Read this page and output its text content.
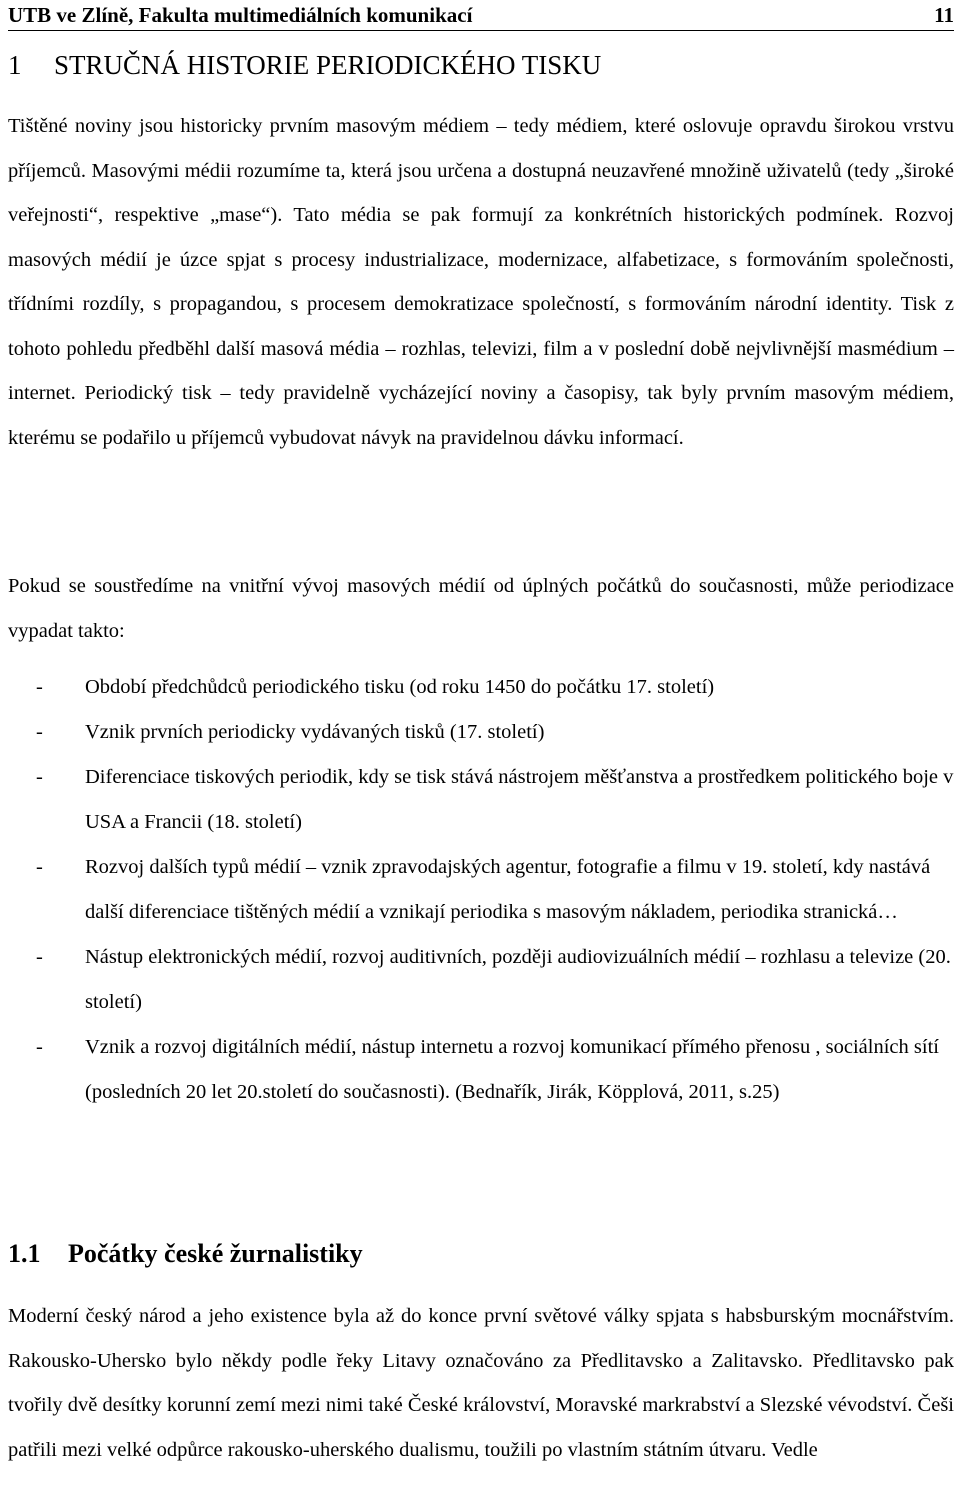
UTB ve Zlíně, Fakulta multimediálních komunikací	11
1 STRUČNÁ HISTORIE PERIODICKÉHO TISKU

Tištěné noviny jsou historicky prvním masovým médiem – tedy médiem, které oslovuje opravdu širokou vrstvu příjemců. Masovými médii rozumíme ta, která jsou určena a dostupná neuzavřené množině uživatelů (tedy „široké veřejnosti“, respektive „mase“). Tato média se pak formují za konkrétních historických podmínek. Rozvoj masových médií je úzce spjat s procesy industrializace, modernizace, alfabetizace, s formováním společnosti, třídními rozdíly, s propagandou, s procesem demokratizace společností, s formováním národní identity. Tisk z tohoto pohledu předběhl další masová média – rozhlas, televizi, film a v poslední době nejvlivnější masmédium – internet. Periodický tisk – tedy pravidelně vycházející noviny a časopisy, tak byly prvním masovým médiem, kterému se podařilo u příjemců vybudovat návyk na pravidelnou dávku informací.

Pokud se soustředíme na vnitřní vývoj masových médií od úplných počátků do současnosti, může periodizace vypadat takto:

- Období předchůdců periodického tisku (od roku 1450 do počátku 17. století)
- Vznik prvních periodicky vydávaných tisků (17. století)
- Diferenciace tiskových periodik, kdy se tisk stává nástrojem měšťanstva a prostředkem politického boje v USA a Francii (18. století)
- Rozvoj dalších typů médií – vznik zpravodajských agentur, fotografie a filmu v 19. století, kdy nastává další diferenciace tištěných médií a vznikají periodika s masovým nákladem, periodika stranická…
- Nástup elektronických médií, rozvoj auditivních, později audiovizuálních médií – rozhlasu a televize (20. století)
- Vznik a rozvoj digitálních médií, nástup internetu a rozvoj komunikací přímého přenosu , sociálních sítí (posledních 20 let 20.století do současnosti). (Bednařík, Jirák, Köpplová, 2011, s.25)
1.1 Počátky české žurnalistiky

Moderní český národ a jeho existence byla až do konce první světové války spjata s habsburským mocnářstvím. Rakousko-Uhersko bylo někdy podle řeky Litavy označováno za Předlitavsko a Zalitavsko. Předlitavsko pak tvořily dvě desítky korunní zemí mezi nimi také České království, Moravské markrabství a Slezské vévodství. Češi patřili mezi velké odpůrce rakousko-uherského dualismu, toužili po vlastním státním útvaru. Vedle
